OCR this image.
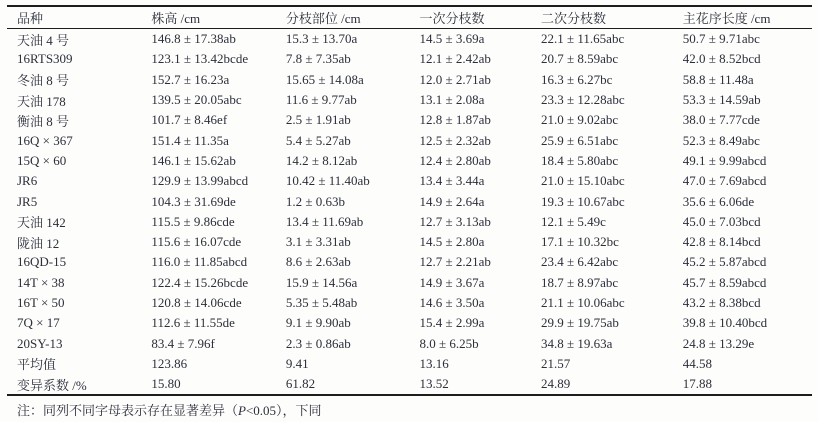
品种	株高 /cm	分枝部位 /cm	一次分枝数	二次分枝数	主花序长度 /cm
天油 4 号	146.8 ± 17.38ab	15.3 ± 13.70a	14.5 ± 3.69a	22.1 ± 11.65abc	50.7 ± 9.71abc
16RTS309	123.1 ± 13.42bcde	7.8 ± 7.35ab	12.1 ± 2.42ab	20.7 ± 8.59abc	42.0 ± 8.52bcd
冬油 8 号	152.7 ± 16.23a	15.65 ± 14.08a	12.0 ± 2.71ab	16.3 ± 6.27bc	58.8 ± 11.48a
天油 178	139.5 ± 20.05abc	11.6 ± 9.77ab	13.1 ± 2.08a	23.3 ± 12.28abc	53.3 ± 14.59ab
衡油 8 号	101.7 ± 8.46ef	2.5 ± 1.91ab	12.8 ± 1.87ab	21.0 ± 9.02abc	38.0 ± 7.77cde
16Q × 367	151.4 ± 11.35a	5.4 ± 5.27ab	12.5 ± 2.32ab	25.9 ± 6.51abc	52.3 ± 8.49abc
15Q × 60	146.1 ± 15.62ab	14.2 ± 8.12ab	12.4 ± 2.80ab	18.4 ± 5.80abc	49.1 ± 9.99abcd
JR6	129.9 ± 13.99abcd	10.42 ± 11.40ab	13.4 ± 3.44a	21.0 ± 15.10abc	47.0 ± 7.69abcd
JR5	104.3 ± 31.69de	1.2 ± 0.63b	14.9 ± 2.64a	19.3 ± 10.67abc	35.6 ± 6.06de
天油 142	115.5 ± 9.86cde	13.4 ± 11.69ab	12.7 ± 3.13ab	12.1 ± 5.49c	45.0 ± 7.03bcd
陇油 12	115.6 ± 16.07cde	3.1 ± 3.31ab	14.5 ± 2.80a	17.1 ± 10.32bc	42.8 ± 8.14bcd
16QD-15	116.0 ± 11.85abcd	8.6 ± 2.63ab	12.7 ± 2.21ab	23.4 ± 6.42abc	45.2 ± 5.87abcd
14T × 38	122.4 ± 15.26bcde	15.9 ± 14.56a	14.9 ± 3.67a	18.7 ± 8.97abc	45.7 ± 8.59abcd
16T × 50	120.8 ± 14.06cde	5.35 ± 5.48ab	14.6 ± 3.50a	21.1 ± 10.06abc	43.2 ± 8.38bcd
7Q × 17	112.6 ± 11.55de	9.1 ± 9.90ab	15.4 ± 2.99a	29.9 ± 19.75ab	39.8 ± 10.40bcd
20SY-13	83.4 ± 7.96f	2.3 ± 0.86ab	8.0 ± 6.25b	34.8 ± 19.63a	24.8 ± 13.29e
平均值	123.86	9.41	13.16	21.57	44.58
变异系数 /%	15.80	61.82	13.52	24.89	17.88
注：同列不同字母表示存在显著差异（P<0.05），下同
